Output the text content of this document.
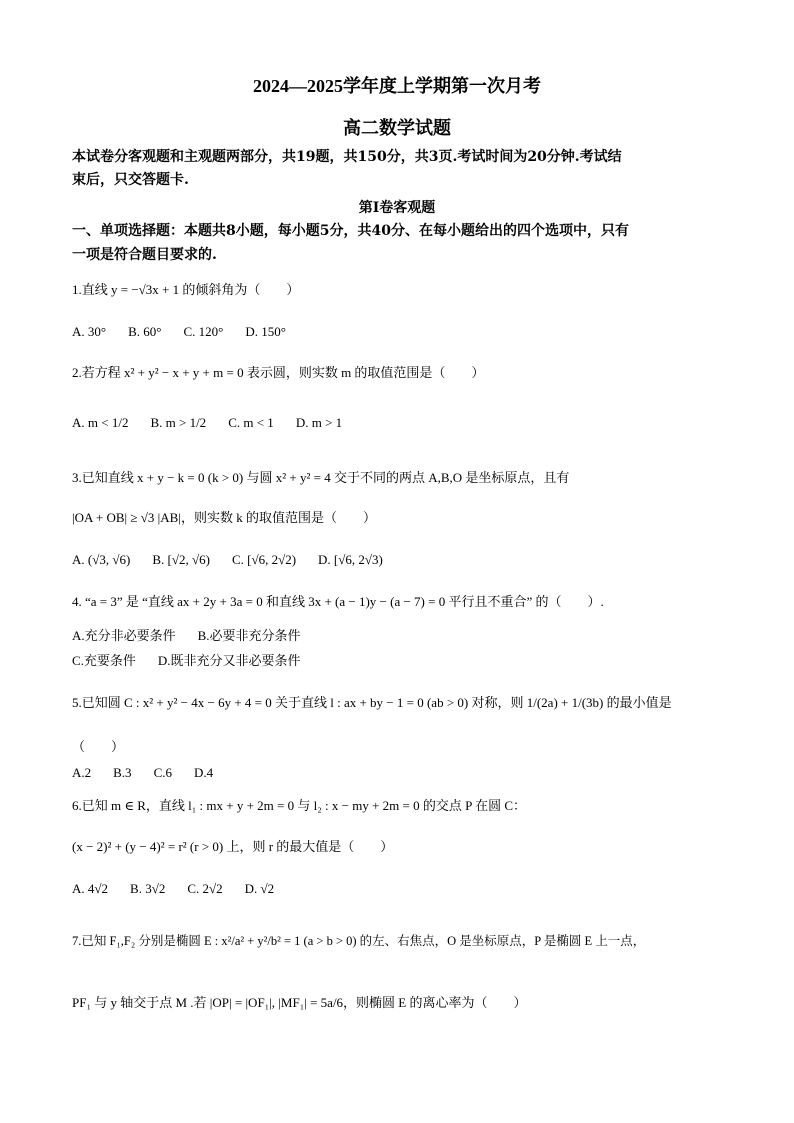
2024—2025学年度上学期第一次月考
高二数学试题
本试卷分客观题和主观题两部分，共19题，共150分，共3页.考试时间为20分钟.考试结
束后，只交答题卡.
第I卷客观题
一、单项选择题：本题共8小题，每小题5分，共40分、在每小题给出的四个选项中，只有
一项是符合题目要求的.
1.直线 y = −√3x + 1 的倾斜角为（　　）
A. 30° B. 60° C. 120° D. 150°
2.若方程 x² + y² − x + y + m = 0 表示圆，则实数 m 的取值范围是（　　）
A. m < 1/2 B. m > 1/2 C. m < 1 D. m > 1
3.已知直线 x + y − k = 0 (k > 0) 与圆 x² + y² = 4 交于不同的两点 A,B,O 是坐标原点，且有
|OA + OB| ≥ √3 |AB|，则实数 k 的取值范围是（　　）
A. (√3, √6) B. [√2, √6) C. [√6, 2√2) D. [√6, 2√3)
4. “a = 3” 是 “直线 ax + 2y + 3a = 0 和直线 3x + (a − 1)y − (a − 7) = 0 平行且不重合” 的（　　）.
A.充分非必要条件 B.必要非充分条件
C.充要条件 D.既非充分又非必要条件
5.已知圆 C : x² + y² − 4x − 6y + 4 = 0 关于直线 l : ax + by − 1 = 0 (ab > 0) 对称，则 1/(2a) + 1/(3b) 的最小值是
（　　）
A.2 B.3 C.6 D.4
6.已知 m ∈ R，直线 l₁ : mx + y + 2m = 0 与 l₂ : x − my + 2m = 0 的交点 P 在圆 C：
(x − 2)² + (y − 4)² = r² (r > 0) 上，则 r 的最大值是（　　）
A. 4√2 B. 3√2 C. 2√2 D. √2
7.已知 F₁,F₂ 分别是椭圆 E : x²/a² + y²/b² = 1 (a > b > 0) 的左、右焦点，O 是坐标原点，P 是椭圆 E 上一点，
PF₁ 与 y 轴交于点 M .若 |OP| = |OF₁|, |MF₁| = 5a/6，则椭圆 E 的离心率为（　　）
